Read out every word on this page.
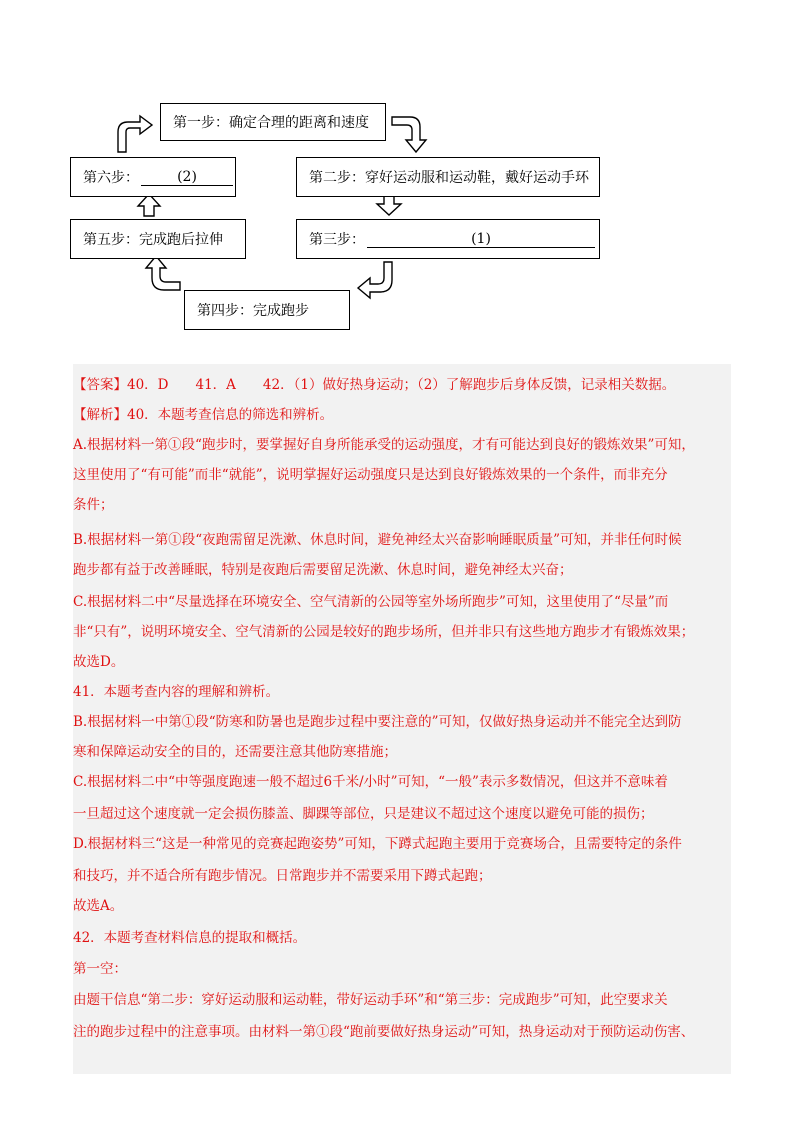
第一步：确定合理的距离和速度
第六步：	(2)	第二步：穿好运动服和运动鞋，戴好运动手环
第五步：完成跑后拉伸	第三步：	(1)
第四步：完成跑步
【答案】40．D　　41．A　　42．（1）做好热身运动；（2）了解跑步后身体反馈，记录相关数据。
【解析】40．本题考查信息的筛选和辨析。
A.根据材料一第①段“跑步时，要掌握好自身所能承受的运动强度，才有可能达到良好的锻炼效果”可知，
这里使用了“有可能”而非“就能”，说明掌握好运动强度只是达到良好锻炼效果的一个条件，而非充分
条件；
B.根据材料一第①段“夜跑需留足洗漱、休息时间，避免神经太兴奋影响睡眠质量”可知，并非任何时候
跑步都有益于改善睡眠，特别是夜跑后需要留足洗漱、休息时间，避免神经太兴奋；
C.根据材料二中“尽量选择在环境安全、空气清新的公园等室外场所跑步”可知，这里使用了“尽量”而
非“只有”，说明环境安全、空气清新的公园是较好的跑步场所，但并非只有这些地方跑步才有锻炼效果；
故选D。
41．本题考查内容的理解和辨析。
B.根据材料一中第①段“防寒和防暑也是跑步过程中要注意的”可知，仅做好热身运动并不能完全达到防
寒和保障运动安全的目的，还需要注意其他防寒措施；
C.根据材料二中“中等强度跑速一般不超过6千米/小时”可知，“一般”表示多数情况，但这并不意味着
一旦超过这个速度就一定会损伤膝盖、脚踝等部位，只是建议不超过这个速度以避免可能的损伤；
D.根据材料三“这是一种常见的竞赛起跑姿势”可知，下蹲式起跑主要用于竞赛场合，且需要特定的条件
和技巧，并不适合所有跑步情况。日常跑步并不需要采用下蹲式起跑；
故选A。
42．本题考查材料信息的提取和概括。
第一空：
由题干信息“第二步：穿好运动服和运动鞋，带好运动手环”和“第三步：完成跑步”可知，此空要求关
注的跑步过程中的注意事项。由材料一第①段“跑前要做好热身运动”可知，热身运动对于预防运动伤害、
